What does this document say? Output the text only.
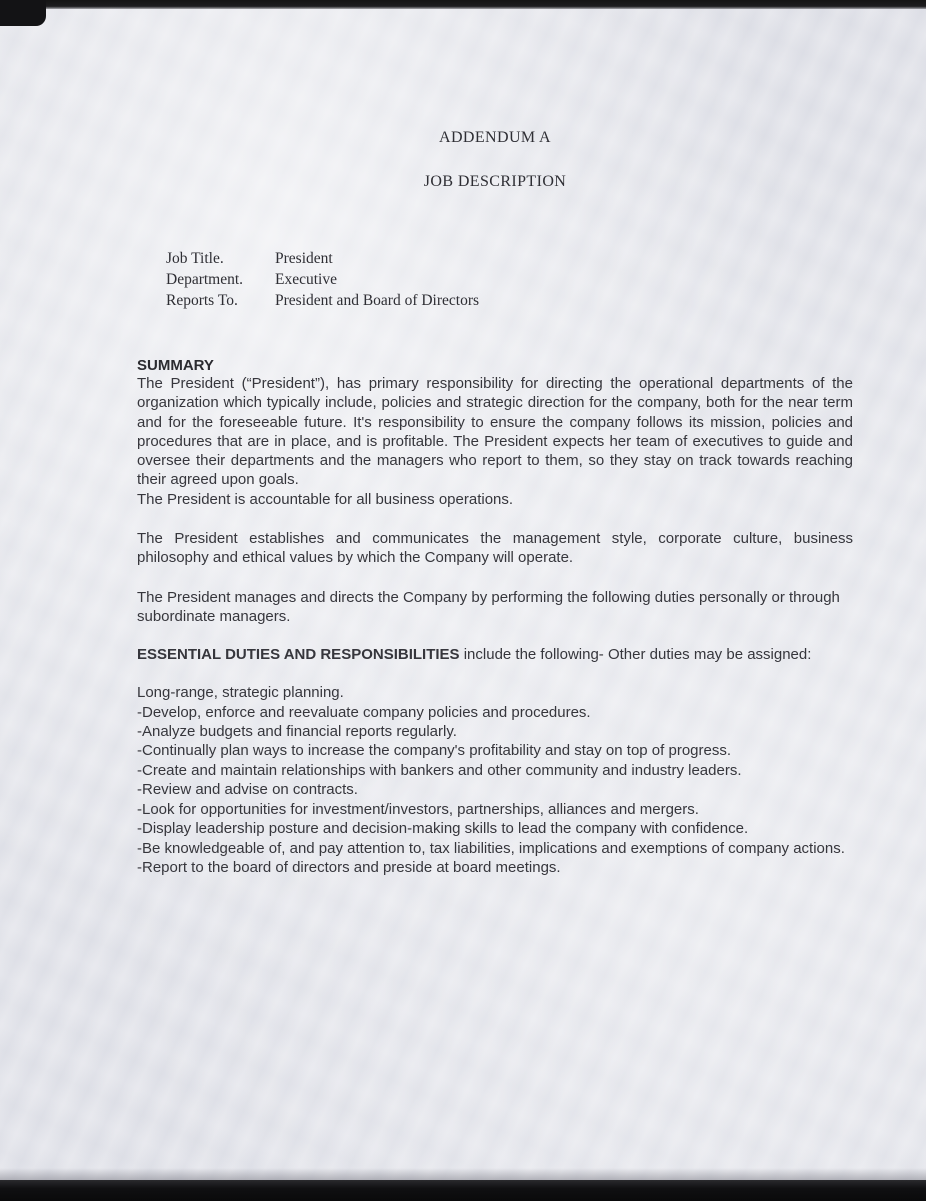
ADDENDUM A
JOB DESCRIPTION
Job Title.	President
Department.	Executive
Reports To.	President and Board of Directors

SUMMARY

The President (“President”), has primary responsibility for directing the operational departments of the organization which typically include, policies and strategic direction for the company, both for the near term and for the foreseeable future. It's responsibility to ensure the company follows its mission, policies and procedures that are in place, and is profitable. The President expects her team of executives to guide and oversee their departments and the managers who report to them, so they stay on track towards reaching their agreed upon goals.

The President is accountable for all business operations.

The President establishes and communicates the management style, corporate culture, business philosophy and ethical values by which the Company will operate.

The President manages and directs the Company by performing the following duties personally or through subordinate managers.

ESSENTIAL DUTIES AND RESPONSIBILITIES include the following- Other duties may be assigned:

Long-range, strategic planning.
-Develop, enforce and reevaluate company policies and procedures.
-Analyze budgets and financial reports regularly.
-Continually plan ways to increase the company's profitability and stay on top of progress.
-Create and maintain relationships with bankers and other community and industry leaders.
-Review and advise on contracts.
-Look for opportunities for investment/investors, partnerships, alliances and mergers.
-Display leadership posture and decision-making skills to lead the company with confidence.
-Be knowledgeable of, and pay attention to, tax liabilities, implications and exemptions of company actions.
-Report to the board of directors and preside at board meetings.
